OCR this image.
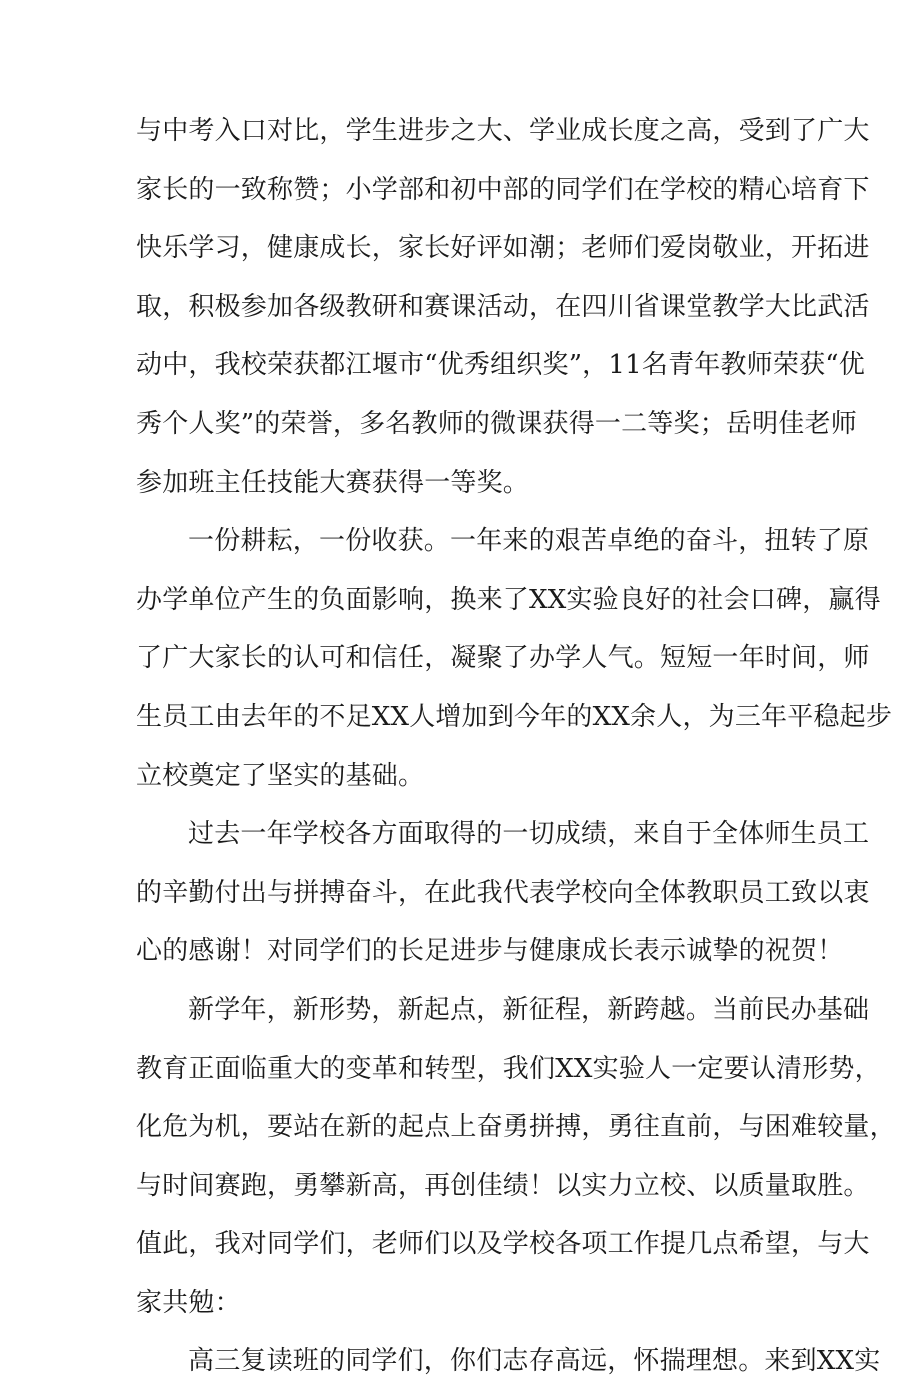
与中考入口对比，学生进步之大、学业成长度之高，受到了广大
家长的一致称赞；小学部和初中部的同学们在学校的精心培育下
快乐学习，健康成长，家长好评如潮；老师们爱岗敬业，开拓进
取，积极参加各级教研和赛课活动，在四川省课堂教学大比武活
动中，我校荣获都江堰市“优秀组织奖”，11名青年教师荣获“优
秀个人奖”的荣誉，多名教师的微课获得一二等奖；岳明佳老师
参加班主任技能大赛获得一等奖。
一份耕耘，一份收获。一年来的艰苦卓绝的奋斗，扭转了原
办学单位产生的负面影响，换来了XX实验良好的社会口碑，赢得
了广大家长的认可和信任，凝聚了办学人气。短短一年时间，师
生员工由去年的不足XX人增加到今年的XX余人，为三年平稳起步
立校奠定了坚实的基础。
过去一年学校各方面取得的一切成绩，来自于全体师生员工
的辛勤付出与拼搏奋斗，在此我代表学校向全体教职员工致以衷
心的感谢！对同学们的长足进步与健康成长表示诚挚的祝贺！
新学年，新形势，新起点，新征程，新跨越。当前民办基础
教育正面临重大的变革和转型，我们XX实验人一定要认清形势，
化危为机，要站在新的起点上奋勇拼搏，勇往直前，与困难较量，
与时间赛跑，勇攀新高，再创佳绩！以实力立校、以质量取胜。
值此，我对同学们，老师们以及学校各项工作提几点希望，与大
家共勉：
高三复读班的同学们，你们志存高远，怀揣理想。来到XX实
